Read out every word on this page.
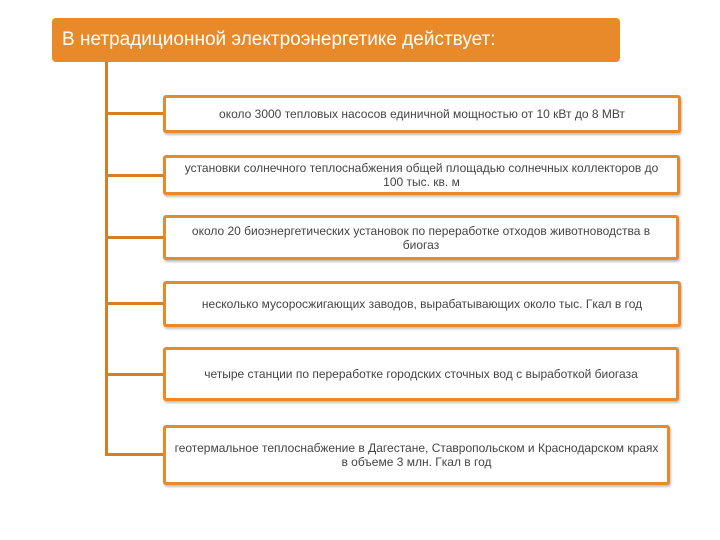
В нетрадиционной электроэнергетике действует:
около 3000 тепловых насосов единичной мощностью от 10 кВт до 8 МВт
установки солнечного теплоснабжения общей площадью солнечных коллекторов до 100 тыс. кв. м
около 20 биоэнергетических установок по переработке отходов животноводства в биогаз
несколько мусоросжигающих заводов, вырабатывающих около тыс. Гкал в год
четыре станции по переработке городских сточных вод с выработкой биогаза
геотермальное теплоснабжение в Дагестане, Ставропольском и Краснодарском краях в объеме 3 млн. Гкал в год
